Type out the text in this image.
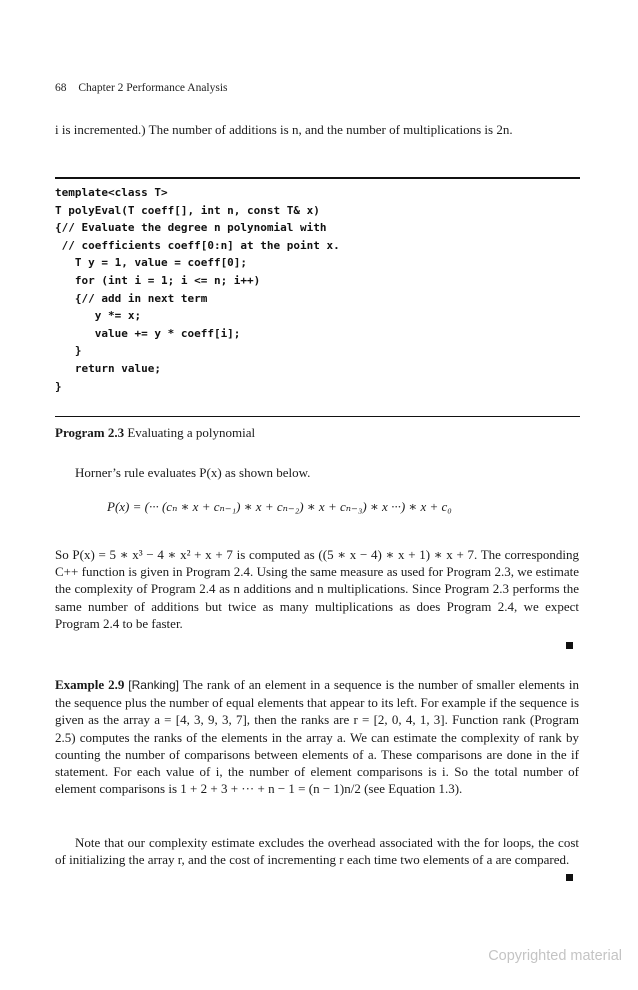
68 Chapter 2 Performance Analysis
i is incremented.) The number of additions is n, and the number of multiplications is 2n.
template<class T>
T polyEval(T coeff[], int n, const T& x)
{// Evaluate the degree n polynomial with
// coefficients coeff[0:n] at the point x.
T y = 1, value = coeff[0];
for (int i = 1; i <= n; i++)
{// add in next term
y *= x;
value += y * coeff[i];
}
return value;
}
Program 2.3 Evaluating a polynomial
Horner’s rule evaluates P(x) as shown below.
P(x) = (··· (cₙ ∗ x + cₙ₋₁) ∗ x + cₙ₋₂) ∗ x + cₙ₋₃) ∗ x ···) ∗ x + c₀
So P(x) = 5 ∗ x³ − 4 ∗ x² + x + 7 is computed as ((5 ∗ x − 4) ∗ x + 1) ∗ x + 7. The corresponding C++ function is given in Program 2.4. Using the same measure as used for Program 2.3, we estimate the complexity of Program 2.4 as n additions and n multiplications. Since Program 2.3 performs the same number of additions but twice as many multiplications as does Program 2.4, we expect Program 2.4 to be faster.
Example 2.9 [Ranking] The rank of an element in a sequence is the number of smaller elements in the sequence plus the number of equal elements that appear to its left. For example if the sequence is given as the array a = [4, 3, 9, 3, 7], then the ranks are r = [2, 0, 4, 1, 3]. Function rank (Program 2.5) computes the ranks of the elements in the array a. We can estimate the complexity of rank by counting the number of comparisons between elements of a. These comparisons are done in the if statement. For each value of i, the number of element comparisons is i. So the total number of element comparisons is 1 + 2 + 3 + ··· + n − 1 = (n − 1)n/2 (see Equation 1.3).
Note that our complexity estimate excludes the overhead associated with the for loops, the cost of initializing the array r, and the cost of incrementing r each time two elements of a are compared.
Copyrighted material
